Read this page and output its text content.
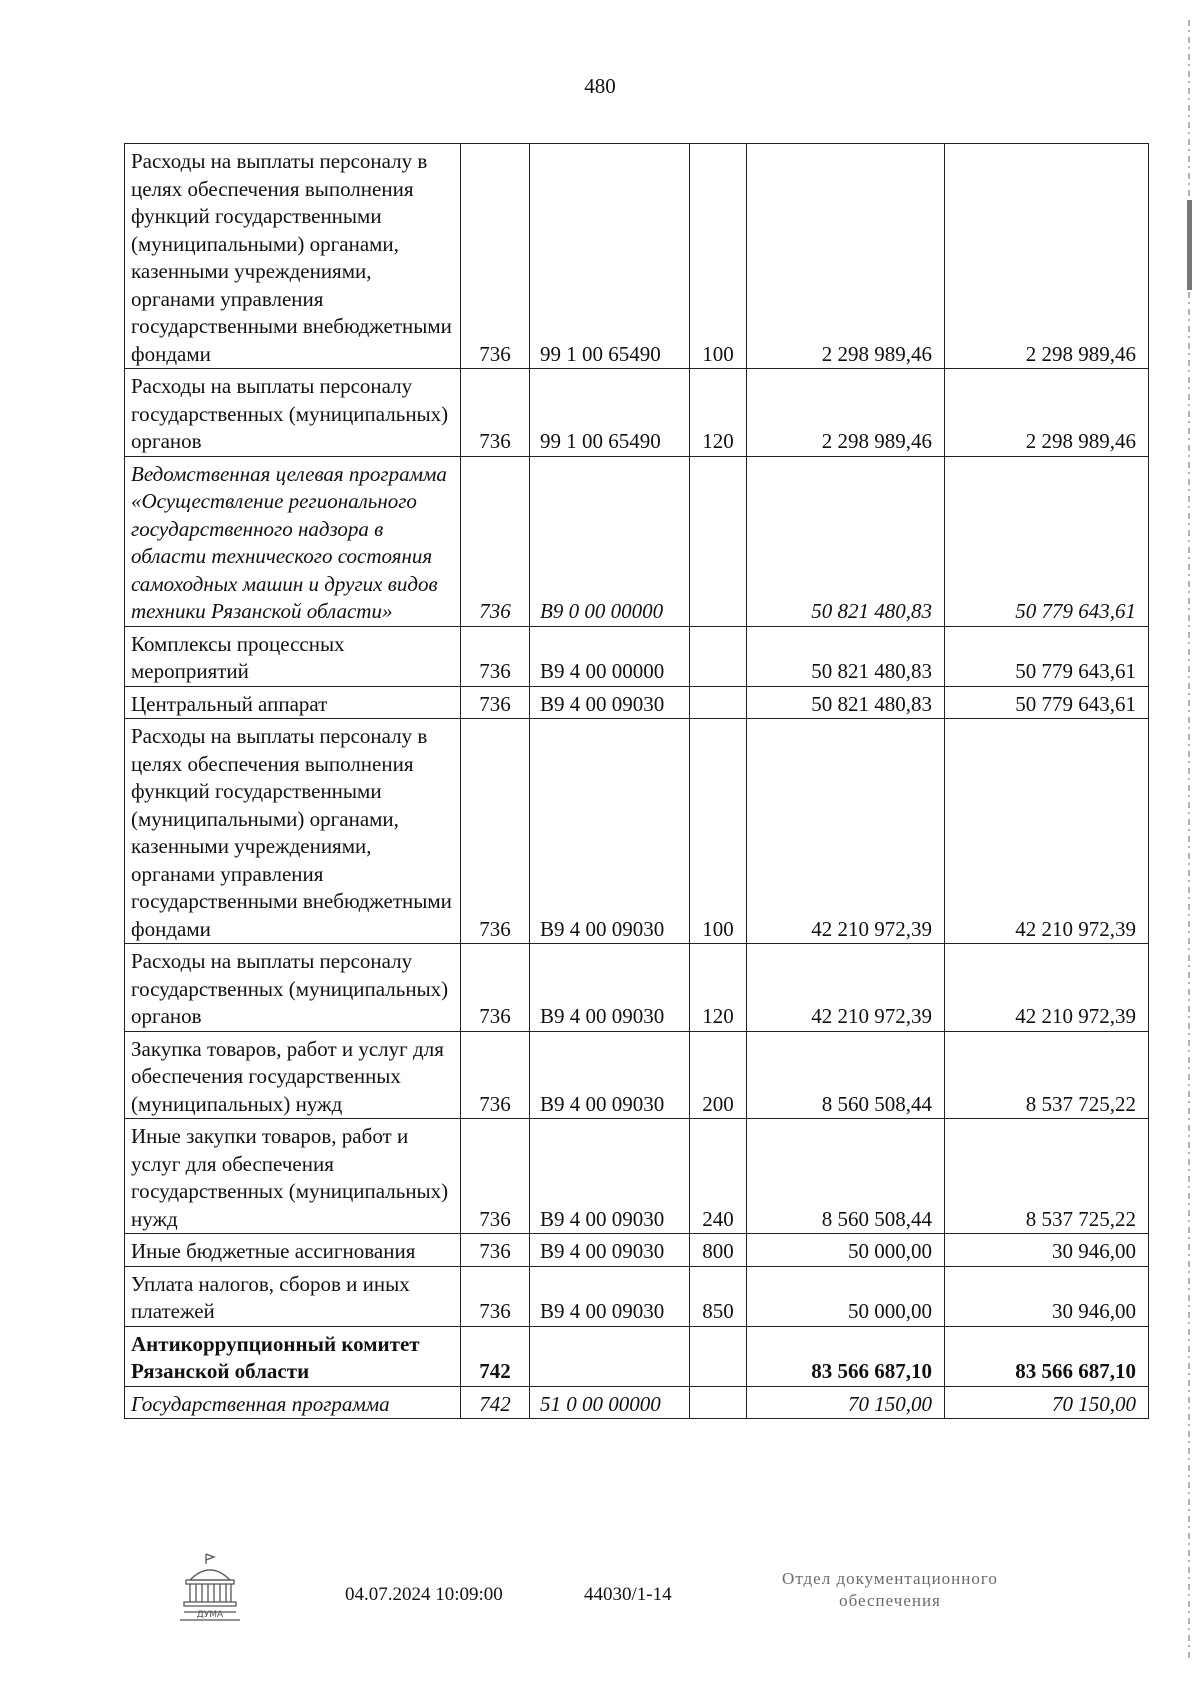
480
Расходы на выплаты персоналу в целях обеспечения выполнения функций государственными (муниципальными) органами, казенными учреждениями, органами управления государственными внебюджетными фондами	736	99 1 00 65490	100	2 298 989,46	2 298 989,46
Расходы на выплаты персоналу государственных (муниципальных) органов	736	99 1 00 65490	120	2 298 989,46	2 298 989,46
Ведомственная целевая программа «Осуществление регионального государственного надзора в области технического состояния самоходных машин и других видов техники Рязанской области»	736	B9 0 00 00000		50 821 480,83	50 779 643,61
Комплексы процессных мероприятий	736	B9 4 00 00000		50 821 480,83	50 779 643,61
Центральный аппарат	736	B9 4 00 09030		50 821 480,83	50 779 643,61
Расходы на выплаты персоналу в целях обеспечения выполнения функций государственными (муниципальными) органами, казенными учреждениями, органами управления государственными внебюджетными фондами	736	B9 4 00 09030	100	42 210 972,39	42 210 972,39
Расходы на выплаты персоналу государственных (муниципальных) органов	736	B9 4 00 09030	120	42 210 972,39	42 210 972,39
Закупка товаров, работ и услуг для обеспечения государственных (муниципальных) нужд	736	B9 4 00 09030	200	8 560 508,44	8 537 725,22
Иные закупки товаров, работ и услуг для обеспечения государственных (муниципальных) нужд	736	B9 4 00 09030	240	8 560 508,44	8 537 725,22
Иные бюджетные ассигнования	736	B9 4 00 09030	800	50 000,00	30 946,00
Уплата налогов, сборов и иных платежей	736	B9 4 00 09030	850	50 000,00	30 946,00
Антикоррупционный комитет Рязанской области	742			83 566 687,10	83 566 687,10
Государственная программа	742	51 0 00 00000		70 150,00	70 150,00
ДУМА
04.07.2024 10:09:00	44030/1-14
Отдел документационного
обеспечения
